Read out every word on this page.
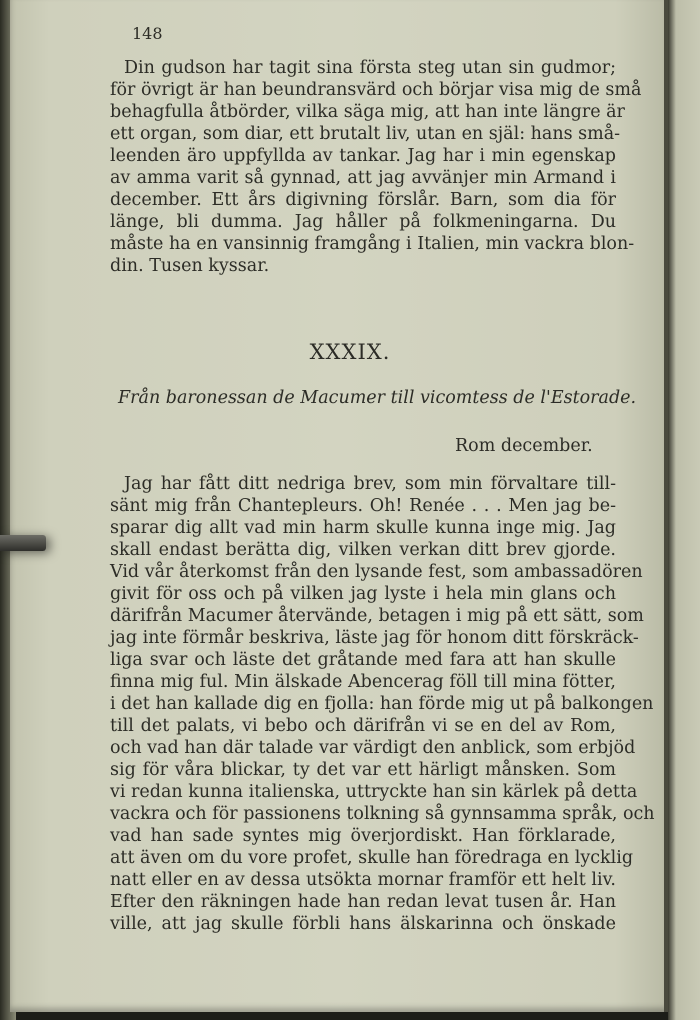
148
Din gudson har tagit sina första steg utan sin gudmor;
för övrigt är han beundransvärd och börjar visa mig de små
behagfulla åtbörder, vilka säga mig, att han inte längre är
ett organ, som diar, ett brutalt liv, utan en själ: hans små-
leenden äro uppfyllda av tankar. Jag har i min egenskap
av amma varit så gynnad, att jag avvänjer min Armand i
december. Ett års digivning förslår. Barn, som dia för
länge, bli dumma. Jag håller på folkmeningarna. Du
måste ha en vansinnig framgång i Italien, min vackra blon-
din. Tusen kyssar.
XXXIX.
Från baronessan de Macumer till vicomtess de l'Estorade.
Rom december.
Jag har fått ditt nedriga brev, som min förvaltare till-
sänt mig från Chantepleurs. Oh! Renée . . . Men jag be-
sparar dig allt vad min harm skulle kunna inge mig. Jag
skall endast berätta dig, vilken verkan ditt brev gjorde.
Vid vår återkomst från den lysande fest, som ambassadören
givit för oss och på vilken jag lyste i hela min glans och
därifrån Macumer återvände, betagen i mig på ett sätt, som
jag inte förmår beskriva, läste jag för honom ditt förskräck-
liga svar och läste det gråtande med fara att han skulle
finna mig ful. Min älskade Abencerag föll till mina fötter,
i det han kallade dig en fjolla: han förde mig ut på balkongen
till det palats, vi bebo och därifrån vi se en del av Rom,
och vad han där talade var värdigt den anblick, som erbjöd
sig för våra blickar, ty det var ett härligt månsken. Som
vi redan kunna italienska, uttryckte han sin kärlek på detta
vackra och för passionens tolkning så gynnsamma språk, och
vad han sade syntes mig överjordiskt. Han förklarade,
att även om du vore profet, skulle han föredraga en lycklig
natt eller en av dessa utsökta mornar framför ett helt liv.
Efter den räkningen hade han redan levat tusen år. Han
ville, att jag skulle förbli hans älskarinna och önskade
